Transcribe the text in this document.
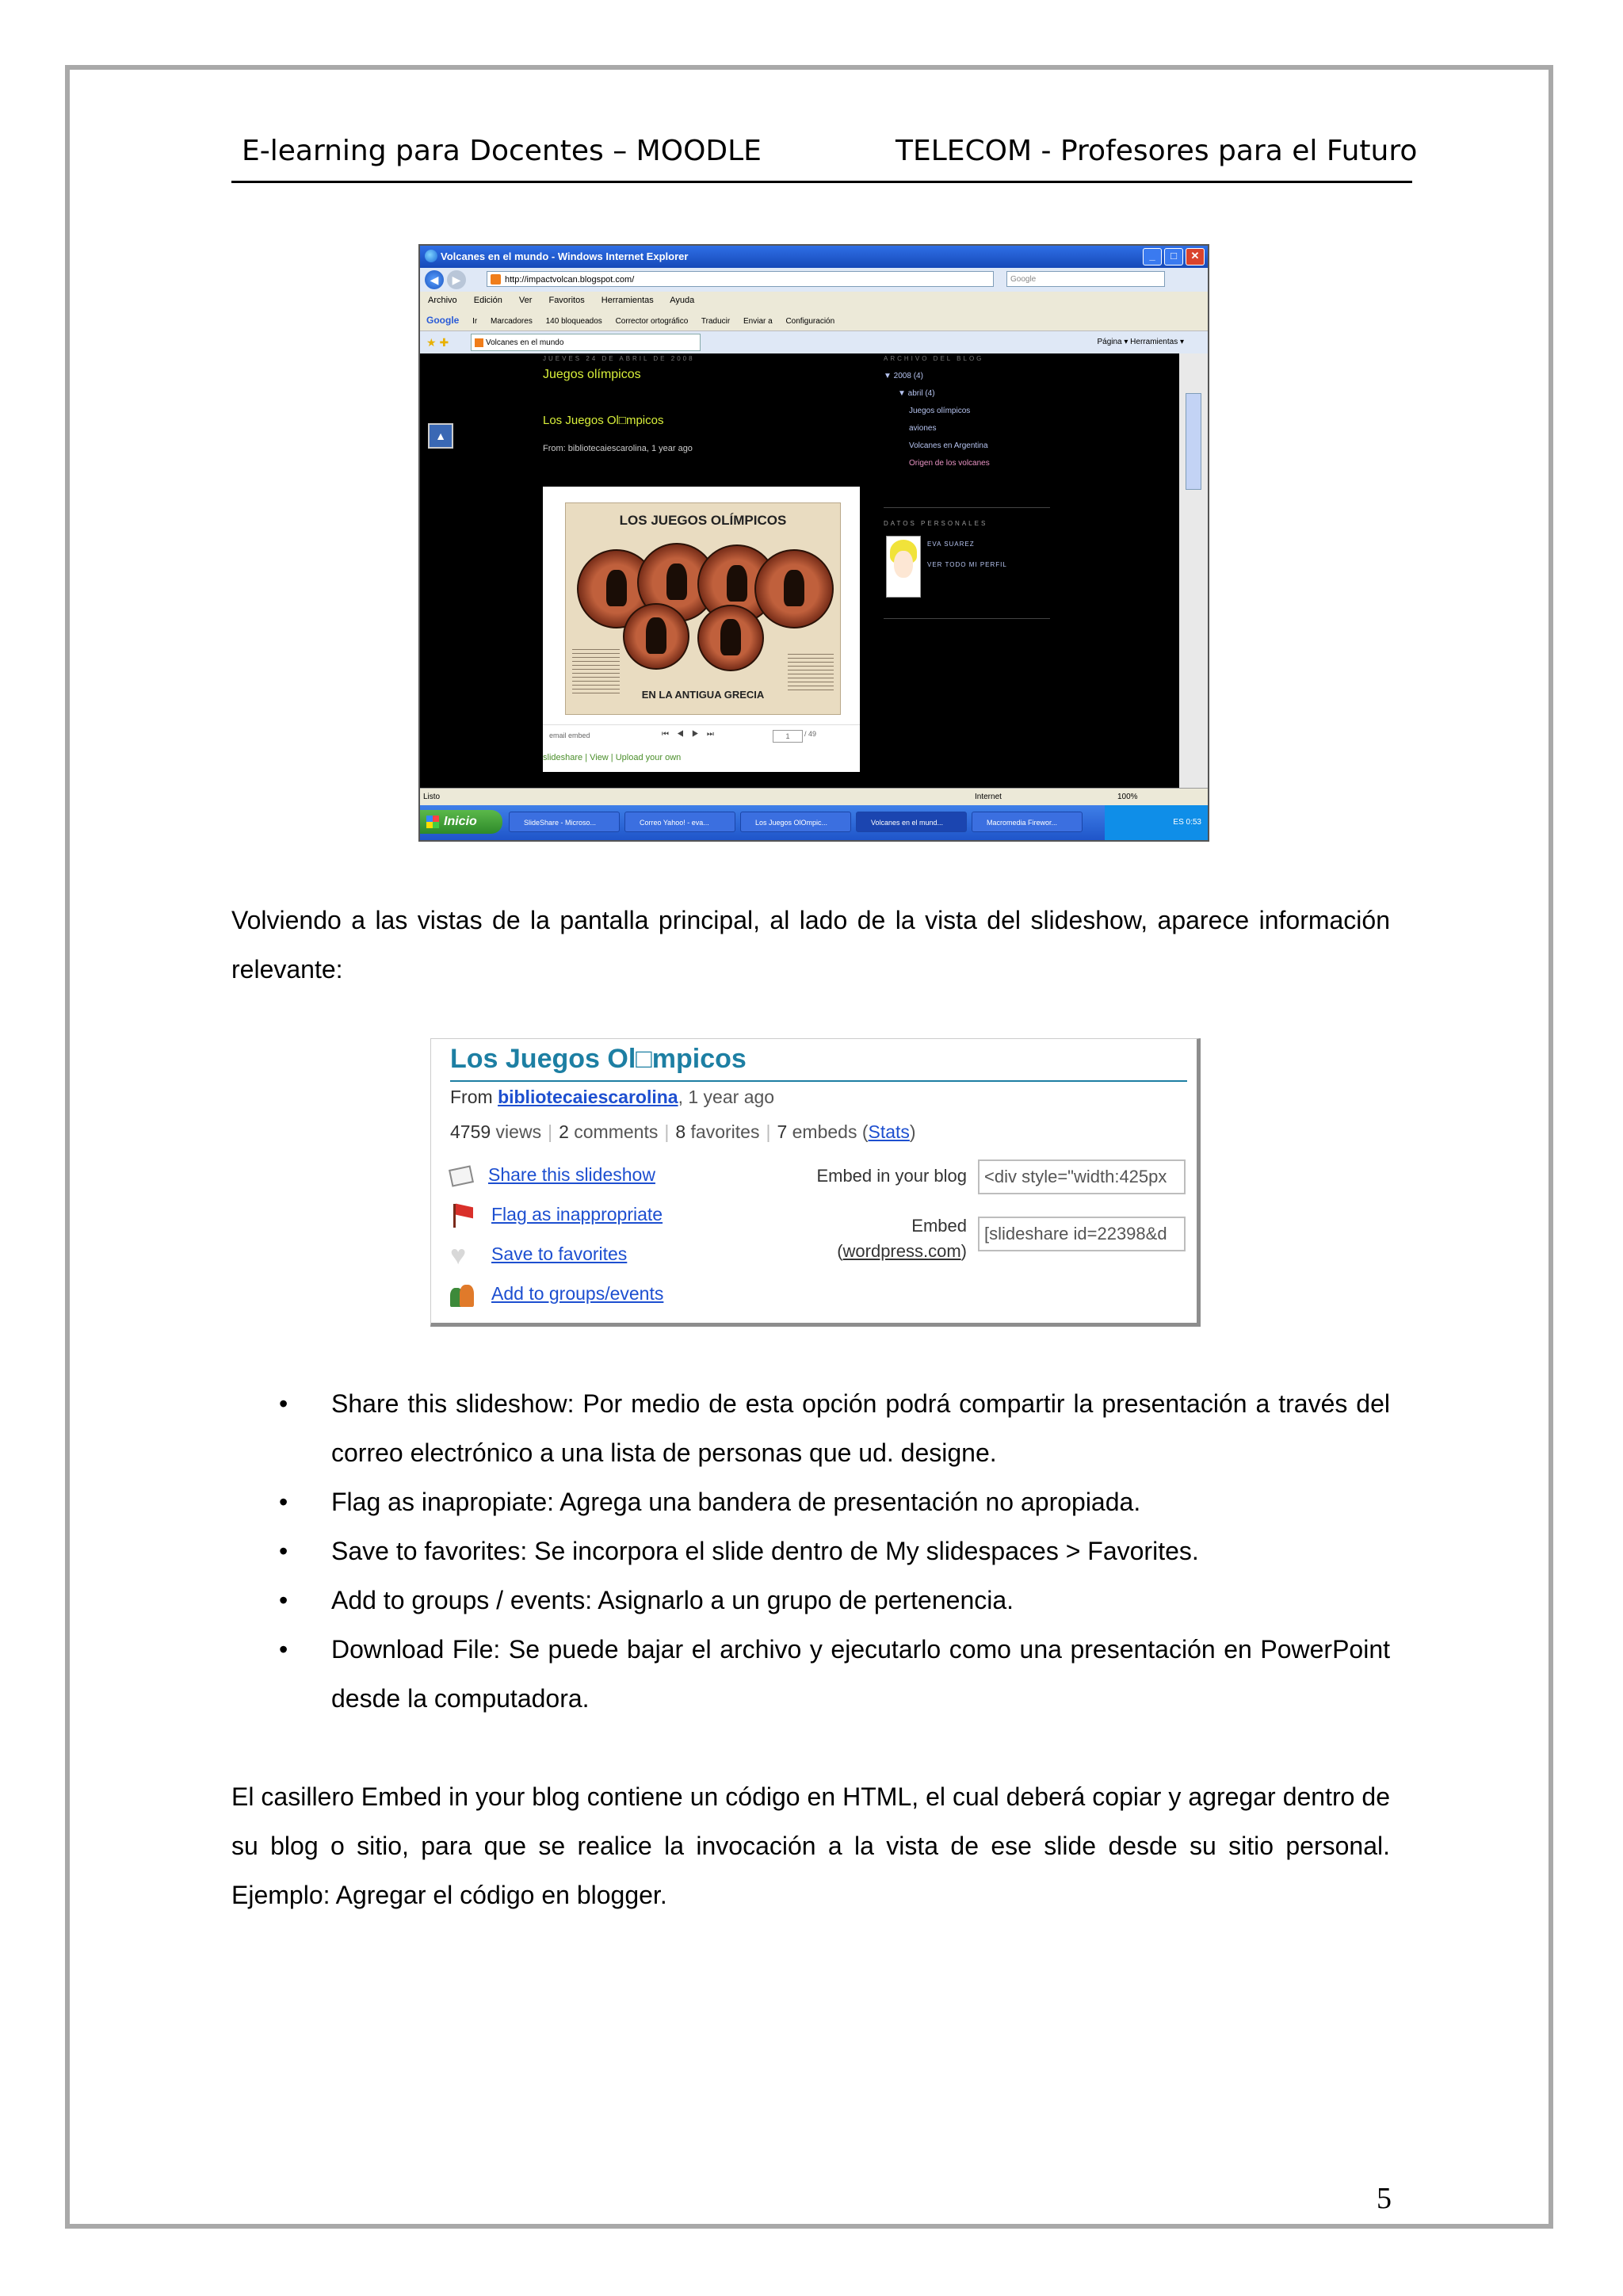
E-learning para Docentes – MOODLE	TELECOM - Profesores para el Futuro
Volcanes en el mundo - Windows Internet Explorer	_	□	✕
◀	▶	http://impactvolcan.blogspot.com/	Google
Archivo Edición Ver Favoritos Herramientas Ayuda
Google Ir Marcadores 140 bloqueados Corrector ortográfico Traducir Enviar a Configuración
★ ✚	Volcanes en el mundo	Página ▾ Herramientas ▾
▲
JUEVES 24 DE ABRIL DE 2008
Juegos olímpicos
Los Juegos Ol□mpicos
From: bibliotecaiescarolina, 1 year ago
LOS JUEGOS OLÍMPICOS
EN LA ANTIGUA GRECIA
email embed	⏮◀▶⏭	1	/ 49
slideshare | View | Upload your own
ARCHIVO DEL BLOG
▼ 2008 (4)
▼ abril (4)
Juegos olímpicos
aviones
Volcanes en Argentina
Origen de los volcanes
DATOS PERSONALES
EVA SUAREZ
VER TODO MI PERFIL
Listo	Internet	100%
Inicio	SlideShare - Microso...	Correo Yahoo! - eva...	Los Juegos OlOmpic...	Volcanes en el mund...	Macromedia Firewor...	ES 0:53
Volviendo a las vistas de la pantalla principal, al lado de la vista del slideshow, aparece información relevante:
Los Juegos Ol□mpicos
From bibliotecaiescarolina, 1 year ago
4759 views | 2 comments | 8 favorites | 7 embeds (Stats)
Share this slideshow
Flag as inappropriate
♥ Save to favorites
Add to groups/events
Embed in your blog	<div style="width:425px
Embed
(wordpress.com)
[slideshare id=22398&d
• Share this slideshow: Por medio de esta opción podrá compartir la presentación a través del correo electrónico a una lista de personas que ud. designe.
• Flag as inapropiate: Agrega una bandera de presentación no apropiada.
• Save to favorites: Se incorpora el slide dentro de My slidespaces > Favorites.
• Add to groups / events: Asignarlo a un grupo de pertenencia.
• Download File: Se puede bajar el archivo y ejecutarlo como una presentación en PowerPoint desde la computadora.
El casillero Embed in your blog contiene un código en HTML, el cual deberá copiar y agregar dentro de su blog o sitio, para que se realice la invocación a la vista de ese slide desde su sitio personal. Ejemplo: Agregar el código en blogger.
5
